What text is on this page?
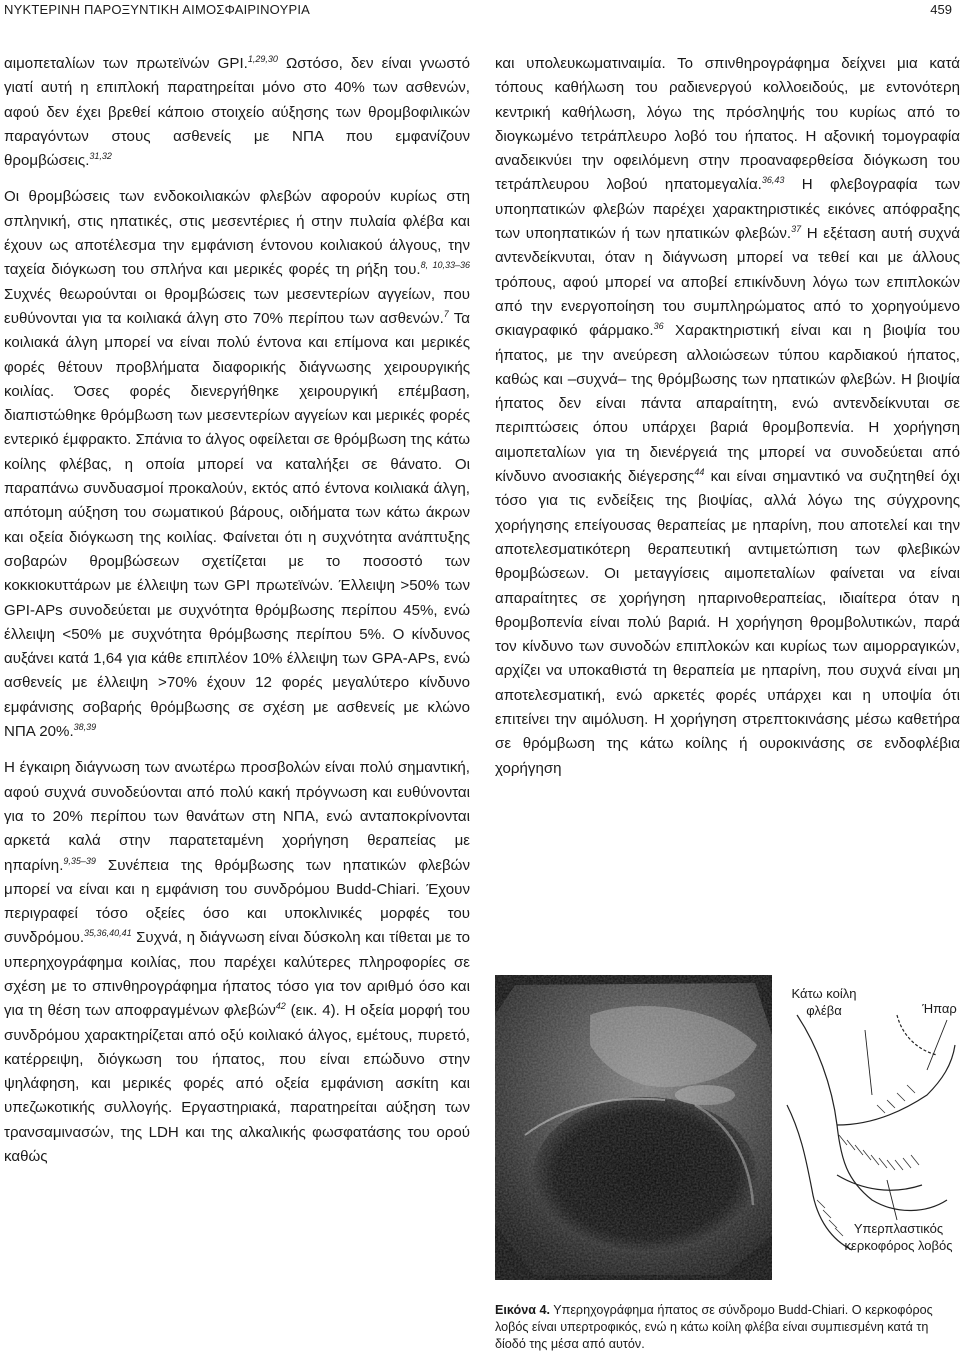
ΝΥΚΤΕΡΙΝΗ ΠΑΡΟΞΥΝΤΙΚΗ ΑΙΜΟΣΦΑΙΡΙΝΟΥΡΙΑ	459

αιμοπεταλίων των πρωτεϊνών GPI.$^{1,29,30}$ Ωστόσο, δεν είναι γνωστό γιατί αυτή η επιπλοκή παρατηρείται μόνο στο 40% των ασθενών, αφού δεν έχει βρεθεί κάποιο στοιχείο αύξησης των θρομβοφιλικών παραγόντων στους ασθενείς με ΝΠΑ που εμφανίζουν θρομβώσεις.$^{31,32}$

Οι θρομβώσεις των ενδοκοιλιακών φλεβών αφορούν κυρίως στη σπληνική, στις ηπατικές, στις μεσεντέριες ή στην πυλαία φλέβα και έχουν ως αποτέλεσμα την εμφάνιση έντονου κοιλιακού άλγους, την ταχεία διόγκωση του σπλήνα και μερικές φορές τη ρήξη του.$^{8, 10,33-36}$ Συχνές θεωρούνται οι θρομβώσεις των μεσεντερίων αγγείων, που ευθύνονται για τα κοιλιακά άλγη στο 70% περίπου των ασθενών.$^7$ Τα κοιλιακά άλγη μπορεί να είναι πολύ έντονα και επίμονα και μερικές φορές θέτουν προβλήματα διαφορικής διάγνωσης χειρουργικής κοιλίας. Όσες φορές διενεργήθηκε χειρουργική επέμβαση, διαπιστώθηκε θρόμβωση των μεσεντερίων αγγείων και μερικές φορές εντερικό έμφρακτο. Σπάνια το άλγος οφείλεται σε θρόμβωση της κάτω κοίλης φλέβας, η οποία μπορεί να καταλήξει σε θάνατο. Οι παραπάνω συνδυασμοί προκαλούν, εκτός από έντονα κοιλιακά άλγη, απότομη αύξηση του σωματικού βάρους, οιδήματα των κάτω άκρων και οξεία διόγκωση της κοιλίας. Φαίνεται ότι η συχνότητα ανάπτυξης σοβαρών θρομβώσεων σχετίζεται με το ποσοστό των κοκκιοκυττάρων με έλλειψη των GPI πρωτεϊνών. Έλλειψη >50% των GPI-APs συνοδεύεται με συχνότητα θρόμβωσης περίπου 45%, ενώ έλλειψη <50% με συχνότητα θρόμβωσης περίπου 5%. Ο κίνδυνος αυξάνει κατά 1,64 για κάθε επιπλέον 10% έλλειψη των GPA-APs, ενώ ασθενείς με έλλειψη >70% έχουν 12 φορές μεγαλύτερο κίνδυνο εμφάνισης σοβαρής θρόμβωσης σε σχέση με ασθενείς με κλώνο ΝΠΑ 20%.$^{38,39}$

Η έγκαιρη διάγνωση των ανωτέρω προσβολών είναι πολύ σημαντική, αφού συχνά συνοδεύονται από πολύ κακή πρόγνωση και ευθύνονται για το 20% περίπου των θανάτων στη ΝΠΑ, ενώ ανταποκρίνονται αρκετά καλά στην παρατεταμένη χορήγηση θεραπείας με ηπαρίνη.$^{9,35-39}$ Συνέπεια της θρόμβωσης των ηπατικών φλεβών μπορεί να είναι και η εμφάνιση του συνδρόμου Budd-Chiari. Έχουν περιγραφεί τόσο οξείες όσο και υποκλινικές μορφές του συνδρόμου.$^{35,36,40,41}$ Συχνά, η διάγνωση είναι δύσκολη και τίθεται με το υπερηχογράφημα κοιλίας, που παρέχει καλύτερες πληροφορίες σε σχέση με το σπινθηρογράφημα ήπατος τόσο για τον αριθμό όσο και για τη θέση των αποφραγμένων φλεβών$^{42}$ (εικ. 4). Η οξεία μορφή του συνδρόμου χαρακτηρίζεται από οξύ κοιλιακό άλγος, εμέτους, πυρετό, κατέρρειψη, διόγκωση του ήπατος, που είναι επώδυνο στην ψηλάφηση, και μερικές φορές από οξεία εμφάνιση ασκίτη και υπεζωκοτικής συλλογής. Εργαστηριακά, παρατηρείται αύξηση των τρανσαμινασών, της LDH και της αλκαλικής φωσφατάσης του ορού καθώς

και υπολευκωματιναιμία. Το σπινθηρογράφημα δείχνει μια κατά τόπους καθήλωση του ραδιενεργού κολλοειδούς, με εντονότερη κεντρική καθήλωση, λόγω της πρόσληψής του κυρίως από το διογκωμένο τετράπλευρο λοβό του ήπατος. Η αξονική τομογραφία αναδεικνύει την οφειλόμενη στην προαναφερθείσα διόγκωση του τετράπλευρου λοβού ηπατομεγαλία.$^{36,43}$ Η φλεβογραφία των υποηπατικών φλεβών παρέχει χαρακτηριστικές εικόνες απόφραξης των υποηπατικών ή των ηπατικών φλεβών.$^{37}$ Η εξέταση αυτή συχνά αντενδείκνυται, όταν η διάγνωση μπορεί να τεθεί και με άλλους τρόπους, αφού μπορεί να αποβεί επικίνδυνη λόγω των επιπλοκών από την ενεργοποίηση του συμπληρώματος από το χορηγούμενο σκιαγραφικό φάρμακο.$^{36}$ Χαρακτηριστική είναι και η βιοψία του ήπατος, με την ανεύρεση αλλοιώσεων τύπου καρδιακού ήπατος, καθώς και –συχνά– της θρόμβωσης των ηπατικών φλεβών. Η βιοψία ήπατος δεν είναι πάντα απαραίτητη, ενώ αντενδείκνυται σε περιπτώσεις όπου υπάρχει βαριά θρομβοπενία. Η χορήγηση αιμοπεταλίων για τη διενέργειά της μπορεί να συνοδεύεται από κίνδυνο ανοσιακής διέγερσης$^{44}$ και είναι σημαντικό να συζητηθεί όχι τόσο για τις ενδείξεις της βιοψίας, αλλά λόγω της σύγχρονης χορήγησης επείγουσας θεραπείας με ηπαρίνη, που αποτελεί και την αποτελεσματικότερη θεραπευτική αντιμετώπιση των φλεβικών θρομβώσεων. Οι μεταγγίσεις αιμοπεταλίων φαίνεται να είναι απαραίτητες σε χορήγηση ηπαρινοθεραπείας, ιδιαίτερα όταν η θρομβοπενία είναι πολύ βαριά. Η χορήγηση θρομβολυτικών, παρά τον κίνδυνο των συνοδών επιπλοκών και κυρίως των αιμορραγικών, αρχίζει να υποκαθιστά τη θεραπεία με ηπαρίνη, που συχνά είναι μη αποτελεσματική, ενώ αρκετές φορές υπάρχει και η υποψία ότι επιτείνει την αιμόλυση. Η χορήγηση στρεπτοκινάσης μέσω καθετήρα σε θρόμβωση της κάτω κοίλης ή ουροκινάσης σε ενδοφλέβια χορήγηση

Κάτω κοίλη φλέβα	Ήπαρ
Υπερπλαστικός κερκοφόρος λοβός
Εικόνα 4. Υπερηχογράφημα ήπατος σε σύνδρομο Budd-Chiari. Ο κερκοφόρος λοβός είναι υπερτροφικός, ενώ η κάτω κοίλη φλέβα είναι συμπιεσμένη κατά τη δίοδό της μέσα από αυτόν.
